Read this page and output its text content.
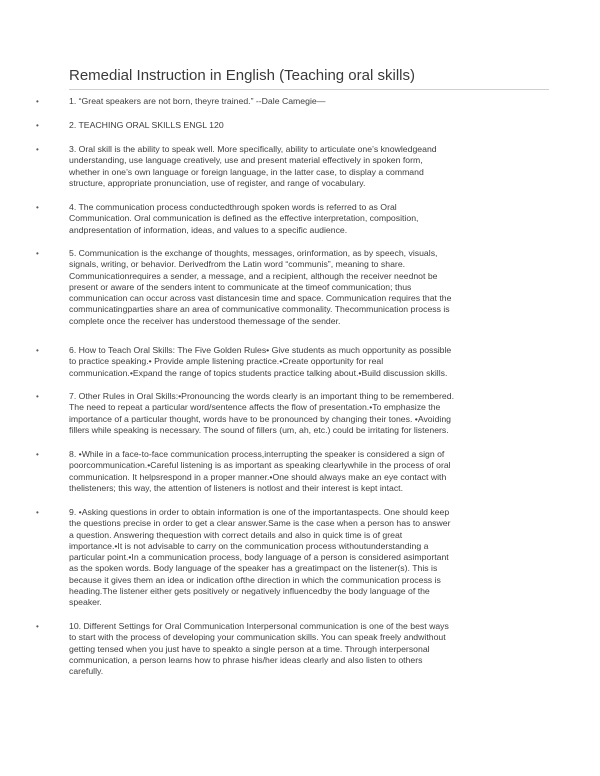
Remedial Instruction in English (Teaching oral skills)
•	1. “Great speakers are not born, theyre trained.” --Dale Camegie—
•	2. TEACHING ORAL SKILLS ENGL 120
•	3. Oral skill is the ability to speak well. More specifically, ability to articulate one’s knowledgeand
understanding, use language creatively, use and present material effectively in spoken form,
whether in one’s own language or foreign language, in the latter case, to display a command
structure, appropriate pronunciation, use of register, and range of vocabulary.
•	4. The communication process conductedthrough spoken words is referred to as Oral
Communication. Oral communication is defined as the effective interpretation, composition,
andpresentation of information, ideas, and values to a specific audience.
•	5. Communication is the exchange of thoughts, messages, orinformation, as by speech, visuals,
signals, writing, or behavior. Derivedfrom the Latin word “communis”, meaning to share.
Communicationrequires a sender, a message, and a recipient, although the receiver neednot be
present or aware of the senders intent to communicate at the timeof communication; thus
communication can occur across vast distancesin time and space. Communication requires that the
communicatingparties share an area of communicative commonality. Thecommunication process is
complete once the receiver has understood themessage of the sender.
•	6. How to Teach Oral Skills: The Five Golden Rules• Give students as much opportunity as possible
to practice speaking.• Provide ample listening practice.•Create opportunity for real
communication.•Expand the range of topics students practice talking about.•Build discussion skills.
•	7. Other Rules in Oral Skills:•Pronouncing the words clearly is an important thing to be remembered.
The need to repeat a particular word/sentence affects the flow of presentation.•To emphasize the
importance of a particular thought, words have to be pronounced by changing their tones. •Avoiding
fillers while speaking is necessary. The sound of fillers (um, ah, etc.) could be irritating for listeners.
•	8. •While in a face-to-face communication process,interrupting the speaker is considered a sign of
poorcommunication.•Careful listening is as important as speaking clearlywhile in the process of oral
communication. It helpsrespond in a proper manner.•One should always make an eye contact with
thelisteners; this way, the attention of listeners is notlost and their interest is kept intact.
•	9. •Asking questions in order to obtain information is one of the importantaspects. One should keep
the questions precise in order to get a clear answer.Same is the case when a person has to answer
a question. Answering thequestion with correct details and also in quick time is of great
importance.•It is not advisable to carry on the communication process withoutunderstanding a
particular point.•In a communication process, body language of a person is considered asimportant
as the spoken words. Body language of the speaker has a greatimpact on the listener(s). This is
because it gives them an idea or indication ofthe direction in which the communication process is
heading.The listener either gets positively or negatively influencedby the body language of the
speaker.
•	10. Different Settings for Oral Communication Interpersonal communication is one of the best ways
to start with the process of developing your communication skills. You can speak freely andwithout
getting tensed when you just have to speakto a single person at a time. Through interpersonal
communication, a person learns how to phrase his/her ideas clearly and also listen to others
carefully.
